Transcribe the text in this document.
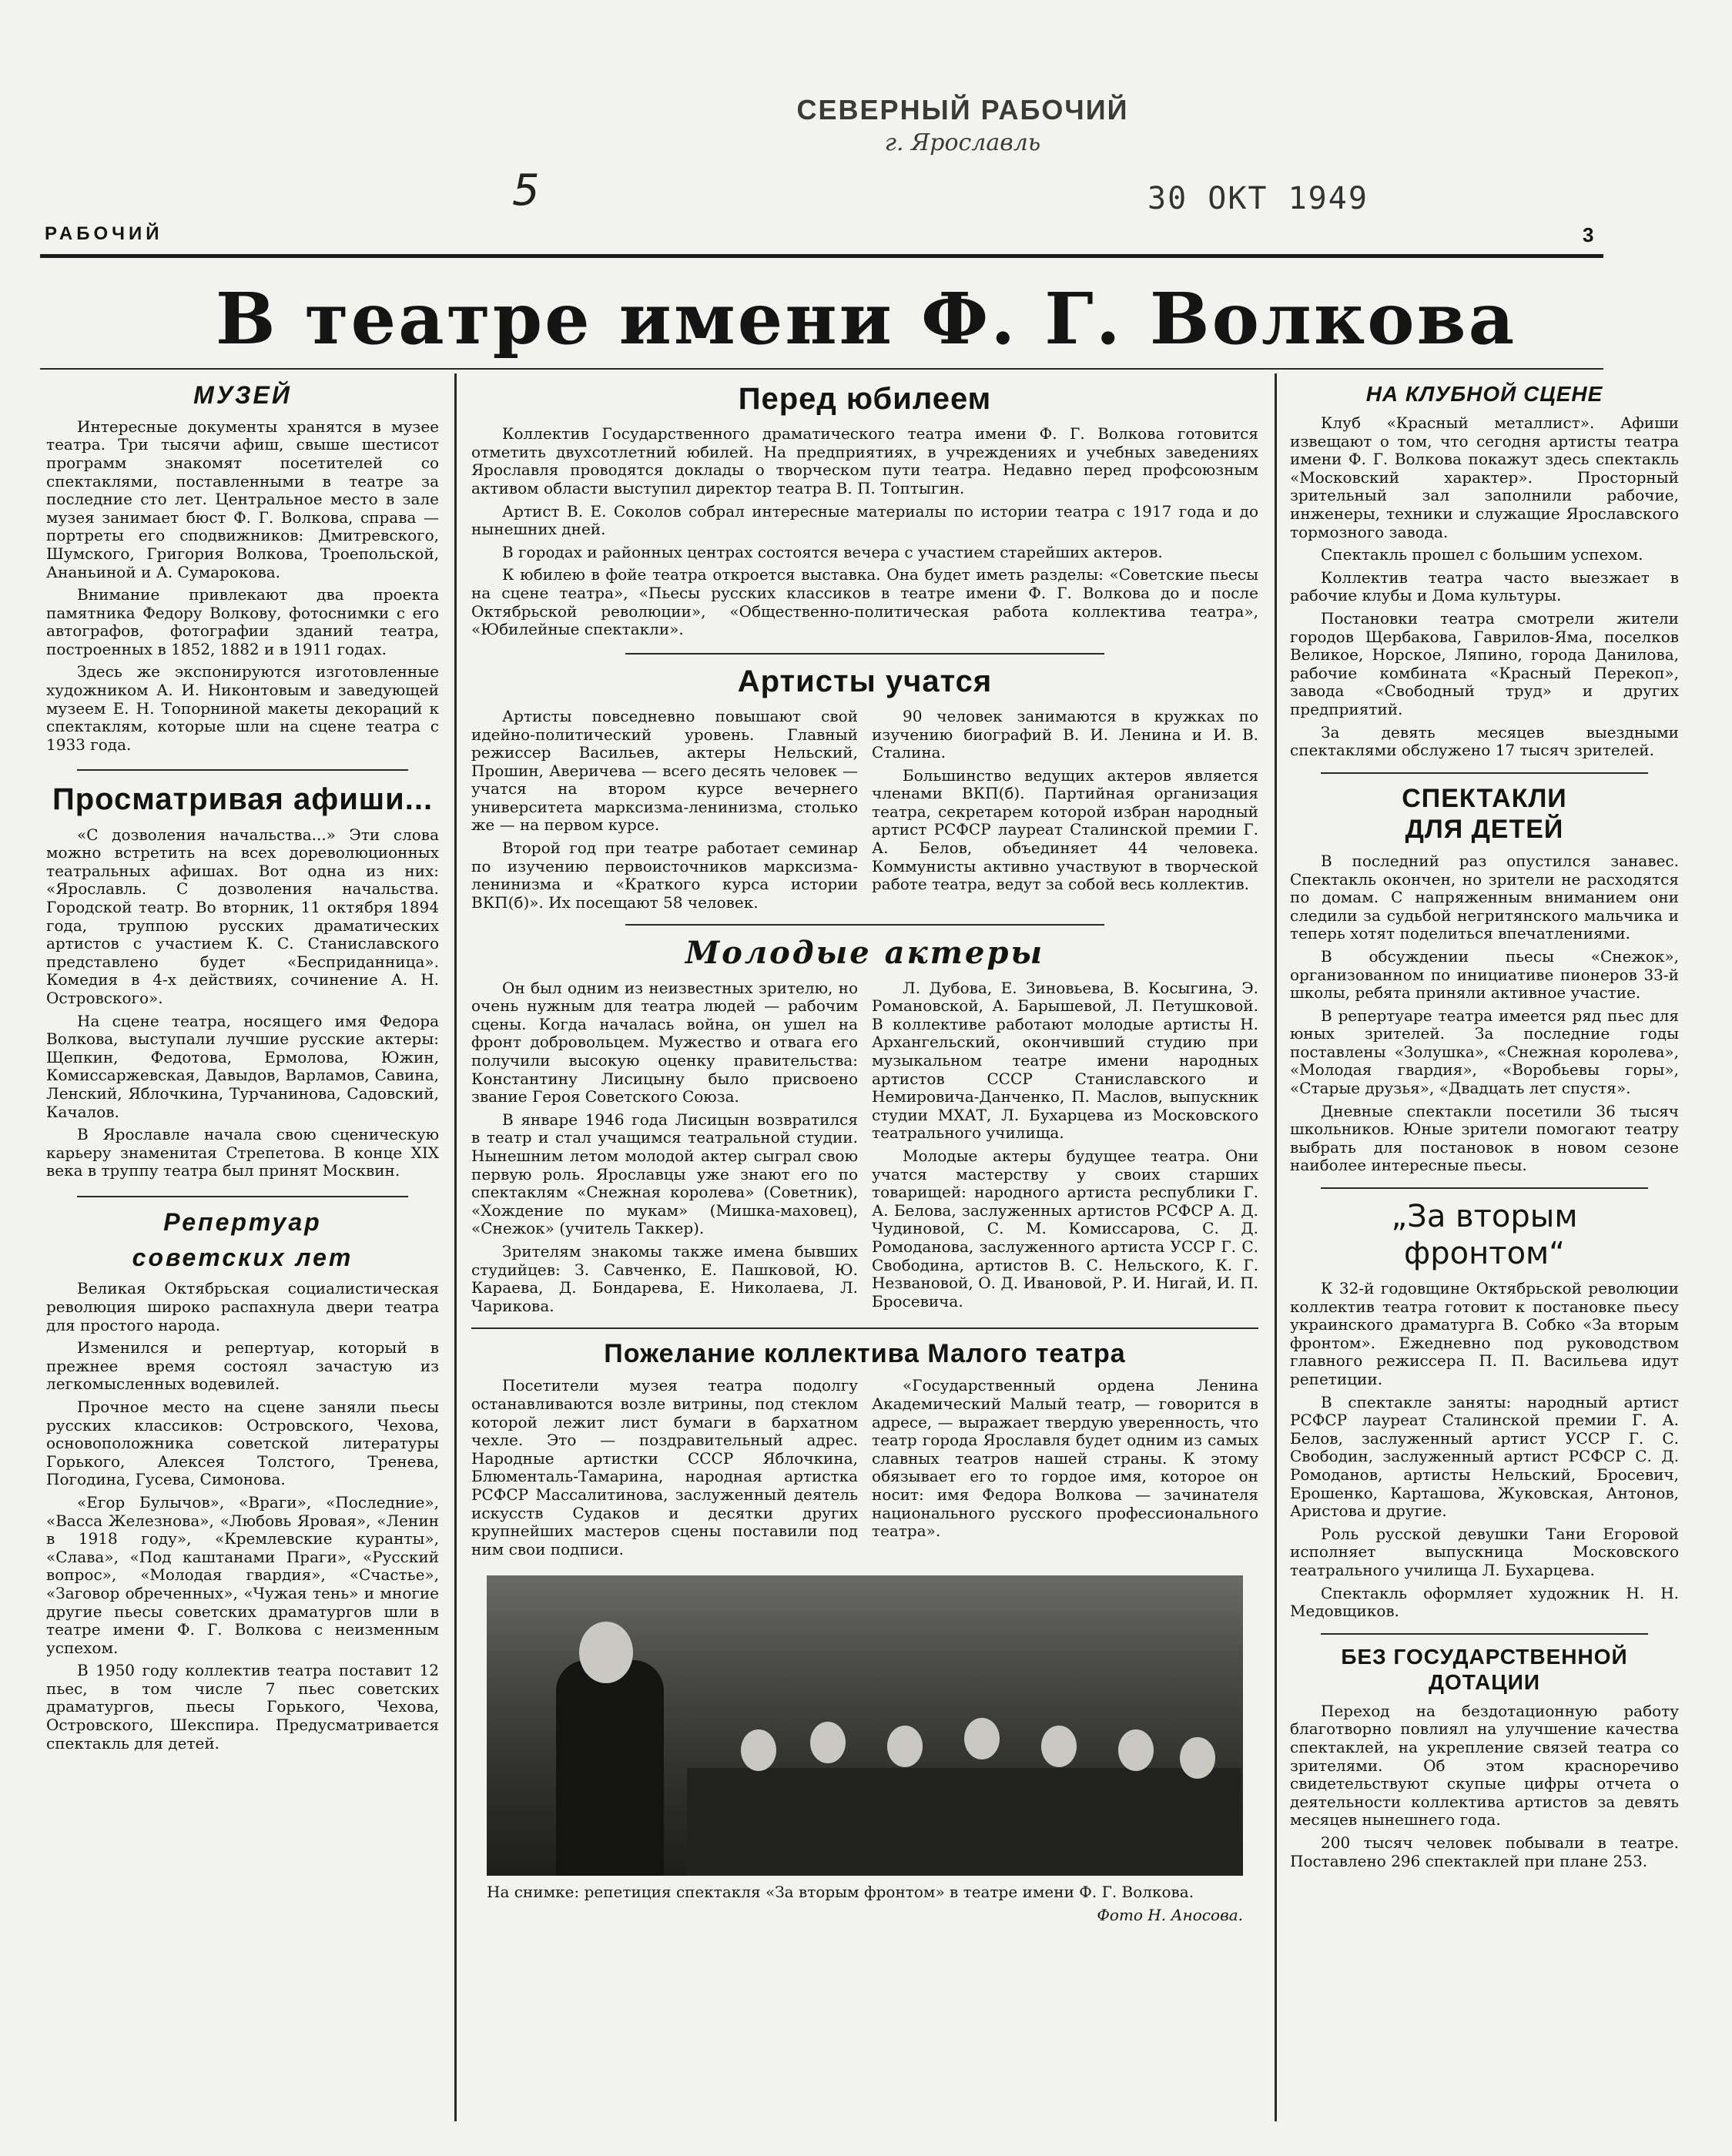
СЕВЕРНЫЙ РАБОЧИЙ
г. Ярославль
5	30 ОКТ 1949
РАБОЧИЙ	3
В театре имени Ф. Г. Волкова
МУЗЕЙ

Интересные документы хранятся в музее театра. Три тысячи афиш, свыше шестисот программ знакомят посетителей со спектаклями, поставленными в театре за последние сто лет. Центральное место в зале музея занимает бюст Ф. Г. Волкова, справа — портреты его сподвижников: Дмитревского, Шумского, Григория Волкова, Троепольской, Ананьиной и А. Сумарокова.

Внимание привлекают два проекта памятника Федору Волкову, фотоснимки с его автографов, фотографии зданий театра, построенных в 1852, 1882 и в 1911 годах.

Здесь же экспонируются изготовленные художником А. И. Никонтовым и заведующей музеем Е. Н. Топорниной макеты декораций к спектаклям, которые шли на сцене театра с 1933 года.

Просматривая афиши...

«С дозволения начальства...» Эти слова можно встретить на всех дореволюционных театральных афишах. Вот одна из них: «Ярославль. С дозволения начальства. Городской театр. Во вторник, 11 октября 1894 года, труппою русских драматических артистов с участием К. С. Станиславского представлено будет «Бесприданница». Комедия в 4-х действиях, сочинение А. Н. Островского».

На сцене театра, носящего имя Федора Волкова, выступали лучшие русские актеры: Щепкин, Федотова, Ермолова, Южин, Комиссаржевская, Давыдов, Варламов, Савина, Ленский, Яблочкина, Турчанинова, Садовский, Качалов.

В Ярославле начала свою сценическую карьеру знаменитая Стрепетова. В конце XIX века в труппу театра был принят Москвин.

Репертуар
советских лет

Великая Октябрьская социалистическая революция широко распахнула двери театра для простого народа.

Изменился и репертуар, который в прежнее время состоял зачастую из легкомысленных водевилей.

Прочное место на сцене заняли пьесы русских классиков: Островского, Чехова, основоположника советской литературы Горького, Алексея Толстого, Тренева, Погодина, Гусева, Симонова.

«Егор Булычов», «Враги», «Последние», «Васса Железнова», «Любовь Яровая», «Ленин в 1918 году», «Кремлевские куранты», «Слава», «Под каштанами Праги», «Русский вопрос», «Молодая гвардия», «Счастье», «Заговор обреченных», «Чужая тень» и многие другие пьесы советских драматургов шли в театре имени Ф. Г. Волкова с неизменным успехом.

В 1950 году коллектив театра поставит 12 пьес, в том числе 7 пьес советских драматургов, пьесы Горького, Чехова, Островского, Шекспира. Предусматривается спектакль для детей.

Перед юбилеем

Коллектив Государственного драматического театра имени Ф. Г. Волкова готовится отметить двухсотлетний юбилей. На предприятиях, в учреждениях и учебных заведениях Ярославля проводятся доклады о творческом пути театра. Недавно перед профсоюзным активом области выступил директор театра В. П. Топтыгин.

Артист В. Е. Соколов собрал интересные материалы по истории театра с 1917 года и до нынешних дней.

В городах и районных центрах состоятся вечера с участием старейших актеров.

К юбилею в фойе театра откроется выставка. Она будет иметь разделы: «Советские пьесы на сцене театра», «Пьесы русских классиков в театре имени Ф. Г. Волкова до и после Октябрьской революции», «Общественно-политическая работа коллектива театра», «Юбилейные спектакли».

Артисты учатся

Артисты повседневно повышают свой идейно-политический уровень. Главный режиссер Васильев, актеры Нельский, Прошин, Аверичева — всего десять человек — учатся на втором курсе вечернего университета марксизма-ленинизма, столько же — на первом курсе.

Второй год при театре работает семинар по изучению первоисточников марксизма-ленинизма и «Краткого курса истории ВКП(б)». Их посещают 58 человек.

90 человек занимаются в кружках по изучению биографий В. И. Ленина и И. В. Сталина.

Большинство ведущих актеров является членами ВКП(б). Партийная организация театра, секретарем которой избран народный артист РСФСР лауреат Сталинской премии Г. А. Белов, объединяет 44 человека. Коммунисты активно участвуют в творческой работе театра, ведут за собой весь коллектив.

Молодые актеры

Он был одним из неизвестных зрителю, но очень нужным для театра людей — рабочим сцены. Когда началась война, он ушел на фронт добровольцем. Мужество и отвага его получили высокую оценку правительства: Константину Лисицыну было присвоено звание Героя Советского Союза.

В январе 1946 года Лисицын возвратился в театр и стал учащимся театральной студии. Нынешним летом молодой актер сыграл свою первую роль. Ярославцы уже знают его по спектаклям «Снежная королева» (Советник), «Хождение по мукам» (Мишка-маховец), «Снежок» (учитель Таккер).

Зрителям знакомы также имена бывших студийцев: З. Савченко, Е. Пашковой, Ю. Караева, Д. Бондарева, Е. Николаева, Л. Чарикова.

Л. Дубова, Е. Зиновьева, В. Косыгина, Э. Романовской, А. Барышевой, Л. Петушковой. В коллективе работают молодые артисты Н. Архангельский, окончивший студию при музыкальном театре имени народных артистов СССР Станиславского и Немировича-Данченко, П. Маслов, выпускник студии МХАТ, Л. Бухарцева из Московского театрального училища.

Молодые актеры будущее театра. Они учатся мастерству у своих старших товарищей: народного артиста республики Г. А. Белова, заслуженных артистов РСФСР А. Д. Чудиновой, С. М. Комиссарова, С. Д. Ромоданова, заслуженного артиста УССР Г. С. Свободина, артистов В. С. Нельского, К. Г. Незвановой, О. Д. Ивановой, Р. И. Нигай, И. П. Бросевича.

Пожелание коллектива Малого театра

Посетители музея театра подолгу останавливаются возле витрины, под стеклом которой лежит лист бумаги в бархатном чехле. Это — поздравительный адрес. Народные артистки СССР Яблочкина, Блюменталь-Тамарина, народная артистка РСФСР Массалитинова, заслуженный деятель искусств Судаков и десятки других крупнейших мастеров сцены поставили под ним свои подписи.

«Государственный ордена Ленина Академический Малый театр, — говорится в адресе, — выражает твердую уверенность, что театр города Ярославля будет одним из самых славных театров нашей страны. К этому обязывает его то гордое имя, которое он носит: имя Федора Волкова — зачинателя национального русского профессионального театра».

На снимке: репетиция спектакля «За вторым фронтом» в театре имени Ф. Г. Волкова.
Фото Н. Аносова.
НА КЛУБНОЙ СЦЕНЕ

Клуб «Красный металлист». Афиши извещают о том, что сегодня артисты театра имени Ф. Г. Волкова покажут здесь спектакль «Московский характер». Просторный зрительный зал заполнили рабочие, инженеры, техники и служащие Ярославского тормозного завода.

Спектакль прошел с большим успехом.

Коллектив театра часто выезжает в рабочие клубы и Дома культуры.

Постановки театра смотрели жители городов Щербакова, Гаврилов-Ямa, поселков Великое, Норское, Ляпино, города Данилова, рабочие комбината «Красный Перекоп», завода «Свободный труд» и других предприятий.

За девять месяцев выездными спектаклями обслужено 17 тысяч зрителей.

СПЕКТАКЛИ
ДЛЯ ДЕТЕЙ

В последний раз опустился занавес. Спектакль окончен, но зрители не расходятся по домам. С напряженным вниманием они следили за судьбой негритянского мальчика и теперь хотят поделиться впечатлениями.

В обсуждении пьесы «Снежок», организованном по инициативе пионеров 33-й школы, ребята приняли активное участие.

В репертуаре театра имеется ряд пьес для юных зрителей. За последние годы поставлены «Золушка», «Снежная королева», «Молодая гвардия», «Воробьевы горы», «Старые друзья», «Двадцать лет спустя».

Дневные спектакли посетили 36 тысяч школьников. Юные зрители помогают театру выбрать для постановок в новом сезоне наиболее интересные пьесы.

„За вторым
фронтом“

К 32-й годовщине Октябрьской революции коллектив театра готовит к постановке пьесу украинского драматурга В. Собко «За вторым фронтом». Ежедневно под руководством главного режиссера П. П. Васильева идут репетиции.

В спектакле заняты: народный артист РСФСР лауреат Сталинской премии Г. А. Белов, заслуженный артист УССР Г. С. Свободин, заслуженный артист РСФСР С. Д. Ромоданов, артисты Нельский, Бросевич, Ерошенко, Карташова, Жуковская, Антонов, Аристова и другие.

Роль русской девушки Тани Егоровой исполняет выпускница Московского театрального училища Л. Бухарцева.

Спектакль оформляет художник Н. Н. Медовщиков.

БЕЗ ГОСУДАРСТВЕННОЙ
ДОТАЦИИ

Переход на бездотационную работу благотворно повлиял на улучшение качества спектаклей, на укрепление связей театра со зрителями. Об этом красноречиво свидетельствуют скупые цифры отчета о деятельности коллектива артистов за девять месяцев нынешнего года.

200 тысяч человек побывали в театре. Поставлено 296 спектаклей при плане 253.
